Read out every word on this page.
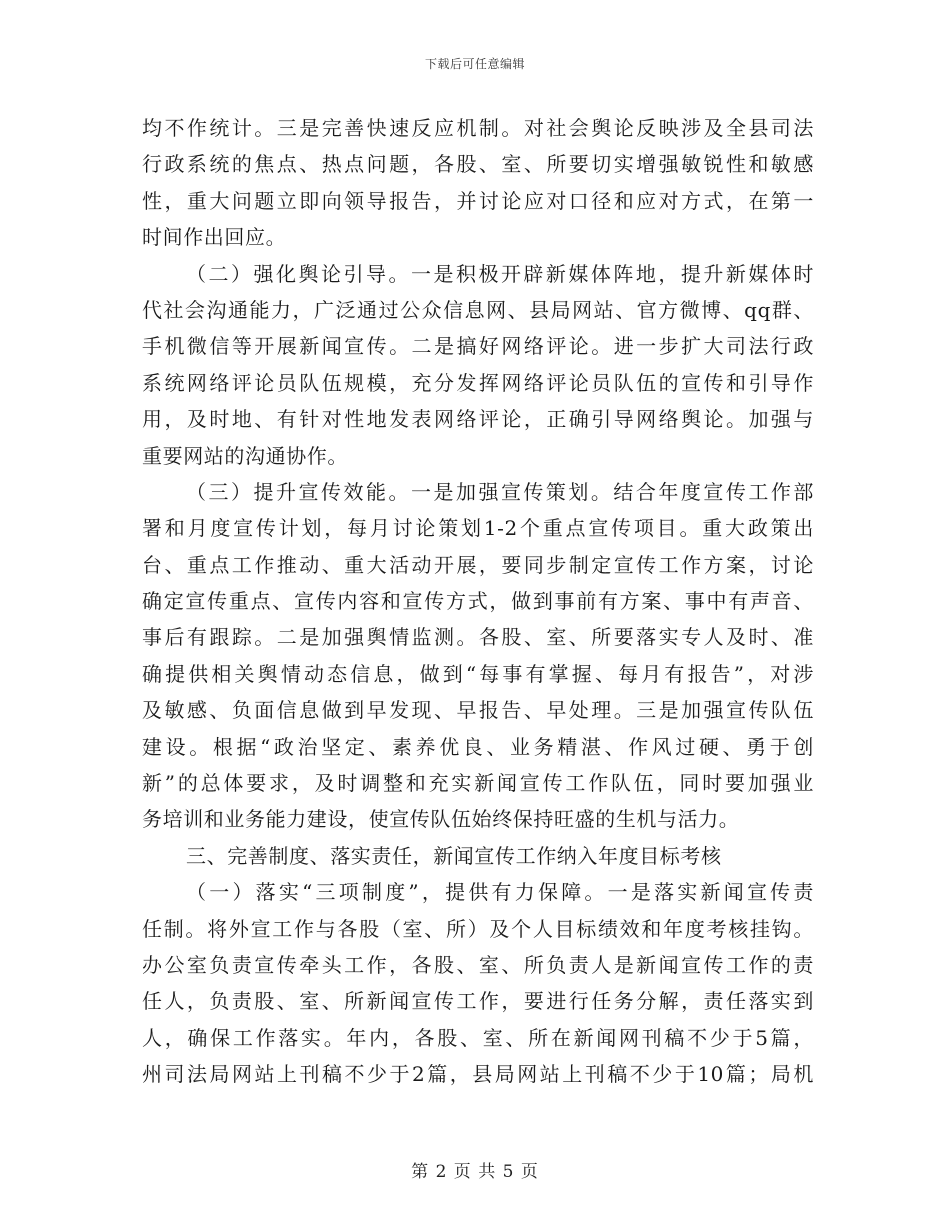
下载后可任意编辑
均不作统计。三是完善快速反应机制。对社会舆论反映涉及全县司法
行政系统的焦点、热点问题，各股、室、所要切实增强敏锐性和敏感
性，重大问题立即向领导报告，并讨论应对口径和应对方式，在第一
时间作出回应。
（二）强化舆论引导。一是积极开辟新媒体阵地，提升新媒体时
代社会沟通能力，广泛通过公众信息网、县局网站、官方微博、qq群、
手机微信等开展新闻宣传。二是搞好网络评论。进一步扩大司法行政
系统网络评论员队伍规模，充分发挥网络评论员队伍的宣传和引导作
用，及时地、有针对性地发表网络评论，正确引导网络舆论。加强与
重要网站的沟通协作。
（三）提升宣传效能。一是加强宣传策划。结合年度宣传工作部
署和月度宣传计划，每月讨论策划1-2个重点宣传项目。重大政策出
台、重点工作推动、重大活动开展，要同步制定宣传工作方案，讨论
确定宣传重点、宣传内容和宣传方式，做到事前有方案、事中有声音、
事后有跟踪。二是加强舆情监测。各股、室、所要落实专人及时、准
确提供相关舆情动态信息，做到“每事有掌握、每月有报告”，对涉
及敏感、负面信息做到早发现、早报告、早处理。三是加强宣传队伍
建设。根据“政治坚定、素养优良、业务精湛、作风过硬、勇于创
新”的总体要求，及时调整和充实新闻宣传工作队伍，同时要加强业
务培训和业务能力建设，使宣传队伍始终保持旺盛的生机与活力。
三、完善制度、落实责任，新闻宣传工作纳入年度目标考核
（一）落实“三项制度”，提供有力保障。一是落实新闻宣传责
任制。将外宣工作与各股（室、所）及个人目标绩效和年度考核挂钩。
办公室负责宣传牵头工作，各股、室、所负责人是新闻宣传工作的责
任人，负责股、室、所新闻宣传工作，要进行任务分解，责任落实到
人，确保工作落实。年内，各股、室、所在新闻网刊稿不少于5篇，
州司法局网站上刊稿不少于2篇，县局网站上刊稿不少于10篇；局机
第 2 页 共 5 页
